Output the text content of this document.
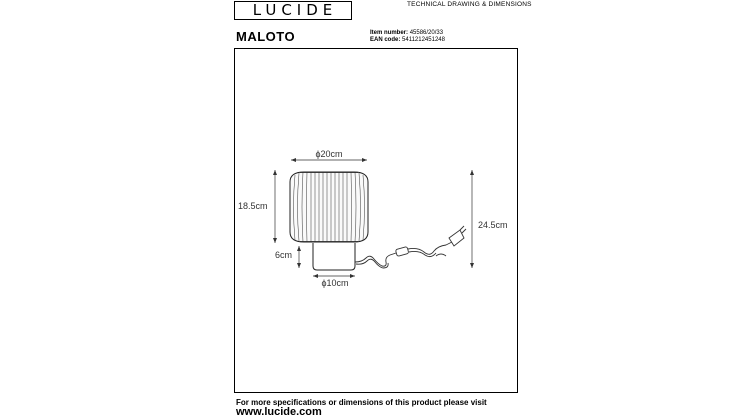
LUCIDE	TECHNICAL DRAWING & DIMENSIONS
MALOTO	Item number: 45586/20/33
EAN code: 5411212451248
ϕ20cm
18.5cm
6cm
ϕ10cm
24.5cm
For more specifications or dimensions of this product please visit
www.lucide.com
